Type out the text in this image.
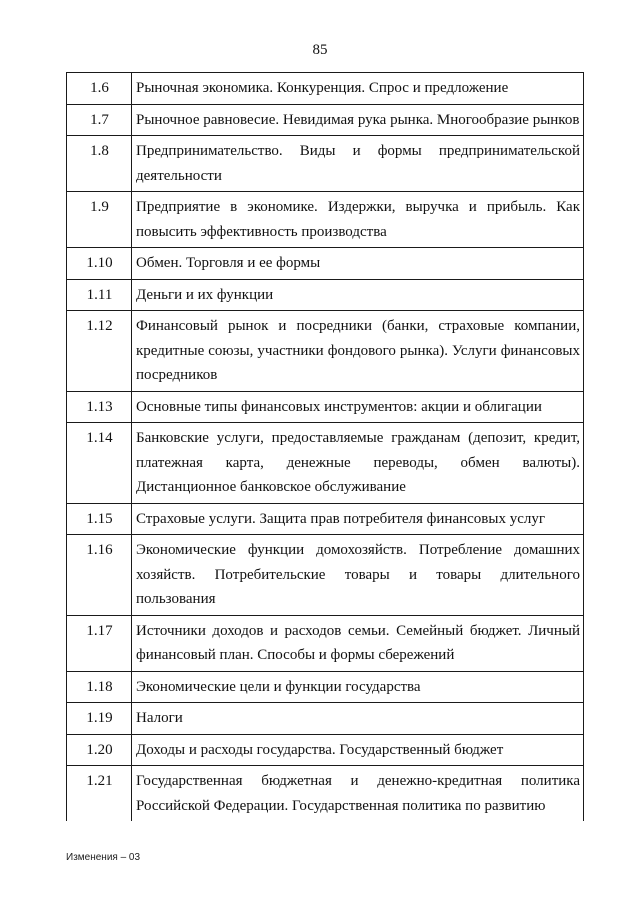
85
1.6	Рыночная экономика. Конкуренция. Спрос и предложение
1.7	Рыночное равновесие. Невидимая рука рынка. Многообразие рынков
1.8	Предпринимательство. Виды и формы предпринимательской деятельности
1.9	Предприятие в экономике. Издержки, выручка и прибыль. Как повысить эффективность производства
1.10	Обмен. Торговля и ее формы
1.11	Деньги и их функции
1.12	Финансовый рынок и посредники (банки, страховые компании, кредитные союзы, участники фондового рынка). Услуги финансовых посредников
1.13	Основные типы финансовых инструментов: акции и облигации
1.14	Банковские услуги, предоставляемые гражданам (депозит, кредит, платежная карта, денежные переводы, обмен валюты). Дистанционное банковское обслуживание
1.15	Страховые услуги. Защита прав потребителя финансовых услуг
1.16	Экономические функции домохозяйств. Потребление домашних хозяйств. Потребительские товары и товары длительного пользования
1.17	Источники доходов и расходов семьи. Семейный бюджет. Личный финансовый план. Способы и формы сбережений
1.18	Экономические цели и функции государства
1.19	Налоги
1.20	Доходы и расходы государства. Государственный бюджет
1.21	Государственная бюджетная и денежно-кредитная политика Российской Федерации. Государственная политика по развитию
Изменения – 03
